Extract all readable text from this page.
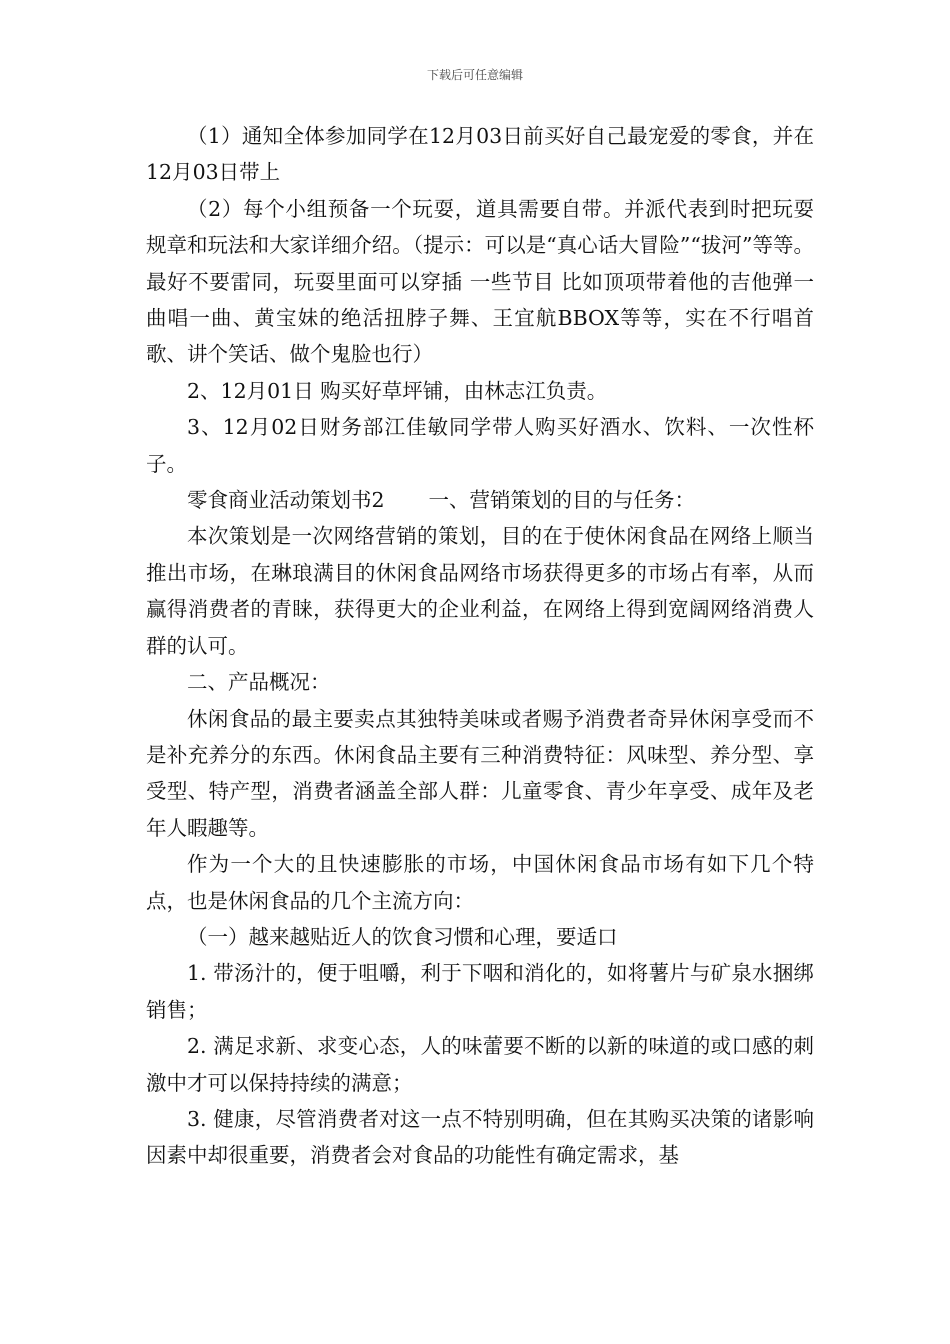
下载后可任意编辑

（1）通知全体参加同学在12月03日前买好自己最宠爱的零食，并在12月03日带上

（2）每个小组预备一个玩耍，道具需要自带。并派代表到时把玩耍规章和玩法和大家详细介绍。（提示：可以是“真心话大冒险”“拔河”等等。最好不要雷同，玩耍里面可以穿插 一些节目 比如顶项带着他的吉他弹一曲唱一曲、黄宝妹的绝活扭脖子舞、王宜航BBOX等等，实在不行唱首歌、讲个笑话、做个鬼脸也行）

2、12月01日 购买好草坪铺，由林志江负责。

3、12月02日财务部江佳敏同学带人购买好酒水、饮料、一次性杯子。

零食商业活动策划书2 一、营销策划的目的与任务：

本次策划是一次网络营销的策划，目的在于使休闲食品在网络上顺当推出市场，在琳琅满目的休闲食品网络市场获得更多的市场占有率，从而赢得消费者的青睐，获得更大的企业利益，在网络上得到宽阔网络消费人群的认可。

二、产品概况：

休闲食品的最主要卖点其独特美味或者赐予消费者奇异休闲享受而不是补充养分的东西。休闲食品主要有三种消费特征：风味型、养分型、享受型、特产型，消费者涵盖全部人群：儿童零食、青少年享受、成年及老年人暇趣等。

作为一个大的且快速膨胀的市场，中国休闲食品市场有如下几个特点，也是休闲食品的几个主流方向：

（一）越来越贴近人的饮食习惯和心理，要适口

1. 带汤汁的，便于咀嚼，利于下咽和消化的，如将薯片与矿泉水捆绑销售；

2. 满足求新、求变心态，人的味蕾要不断的以新的味道的或口感的刺激中才可以保持持续的满意；

3. 健康，尽管消费者对这一点不特别明确，但在其购买决策的诸影响因素中却很重要，消费者会对食品的功能性有确定需求，基
